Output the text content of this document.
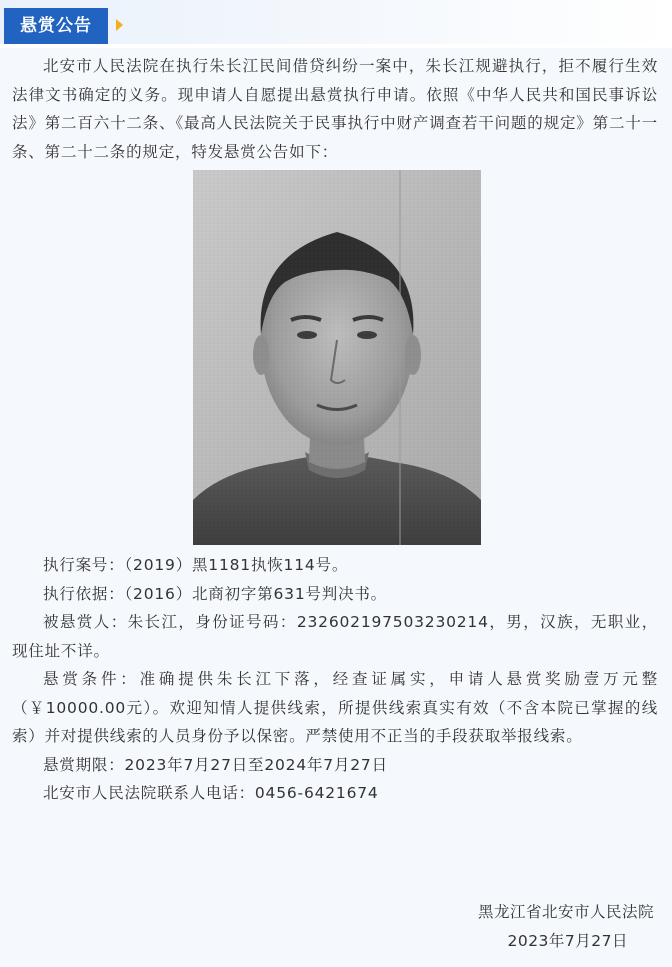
悬赏公告

北安市人民法院在执行朱长江民间借贷纠纷一案中，朱长江规避执行，拒不履行生效法律文书确定的义务。现申请人自愿提出悬赏执行申请。依照《中华人民共和国民事诉讼法》第二百六十二条、《最高人民法院关于民事执行中财产调查若干问题的规定》第二十一条、第二十二条的规定，特发悬赏公告如下：

执行案号：（2019）黑1181执恢114号。

执行依据：（2016）北商初字第631号判决书。

被悬赏人：朱长江，身份证号码：232602197503230214，男，汉族，无职业，现住址不详。

悬赏条件：准确提供朱长江下落，经查证属实，申请人悬赏奖励壹万元整（￥10000.00元）。欢迎知情人提供线索，所提供线索真实有效（不含本院已掌握的线索）并对提供线索的人员身份予以保密。严禁使用不正当的手段获取举报线索。

悬赏期限：2023年7月27日至2024年7月27日

北安市人民法院联系人电话：0456-6421674

黑龙江省北安市人民法院
2023年7月27日
